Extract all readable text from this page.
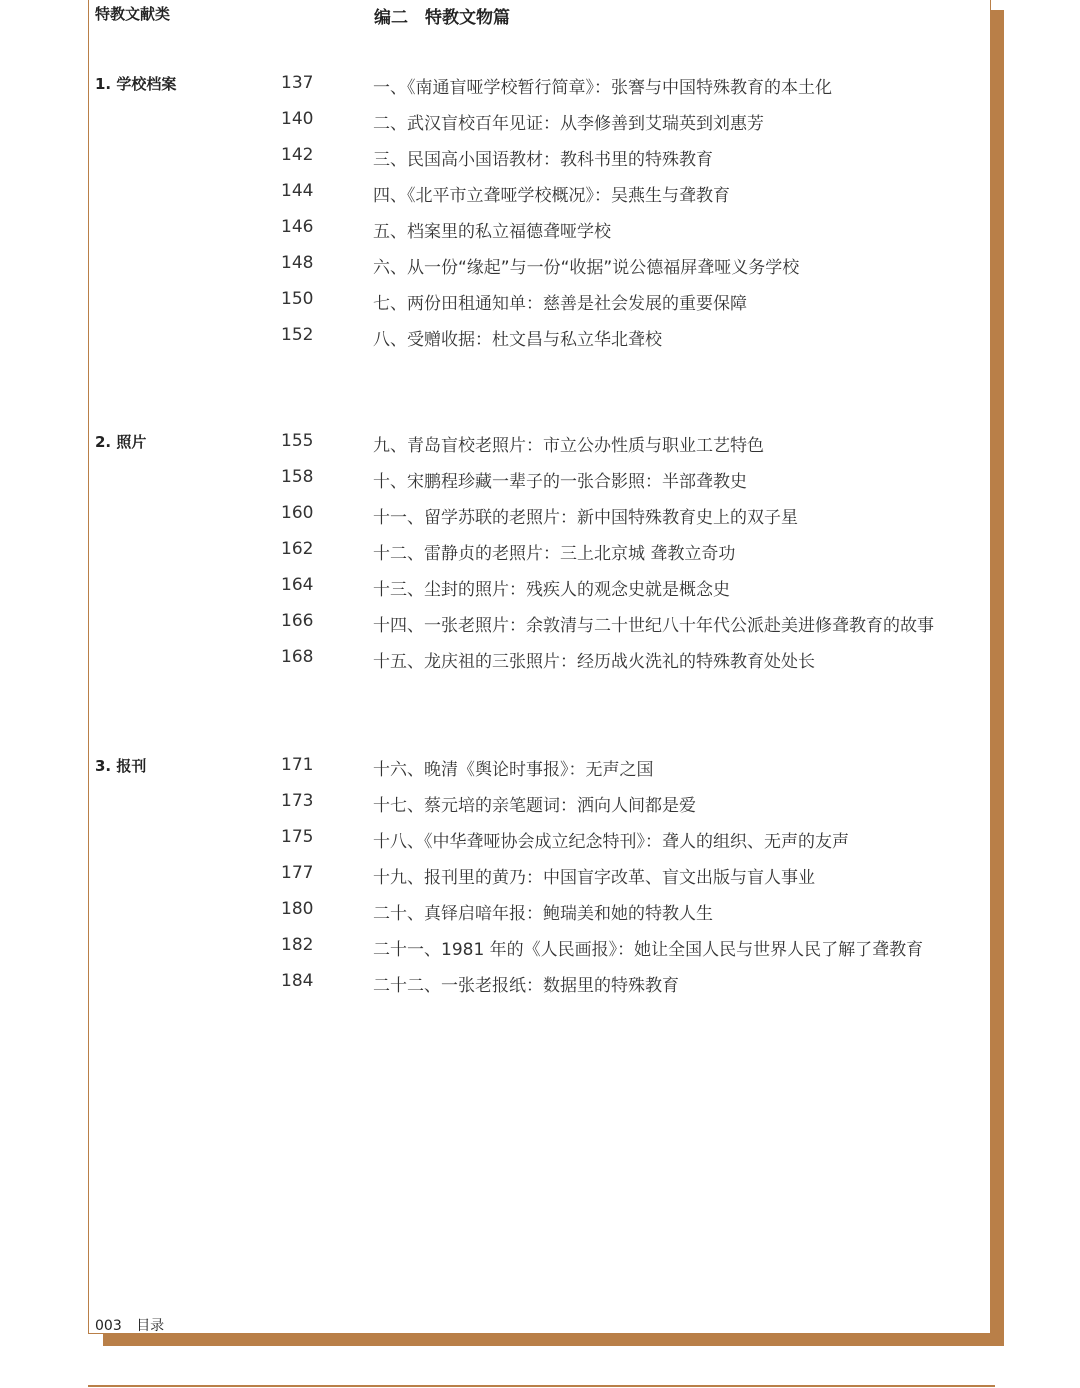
特教文献类	编二　特教文物篇
1. 学校档案	137	一、《南通盲哑学校暂行简章》：张謇与中国特殊教育的本土化
140	二、武汉盲校百年见证：从李修善到艾瑞英到刘惠芳
142	三、民国高小国语教材：教科书里的特殊教育
144	四、《北平市立聋哑学校概况》：吴燕生与聋教育
146	五、档案里的私立福德聋哑学校
148	六、从一份“缘起”与一份“收据”说公德福屏聋哑义务学校
150	七、两份田租通知单：慈善是社会发展的重要保障
152	八、受赠收据：杜文昌与私立华北聋校
2. 照片	155	九、青岛盲校老照片：市立公办性质与职业工艺特色
158	十、宋鹏程珍藏一辈子的一张合影照：半部聋教史
160	十一、留学苏联的老照片：新中国特殊教育史上的双子星
162	十二、雷静贞的老照片：三上北京城 聋教立奇功
164	十三、尘封的照片：残疾人的观念史就是概念史
166	十四、一张老照片：余敦清与二十世纪八十年代公派赴美进修聋教育的故事
168	十五、龙庆祖的三张照片：经历战火洗礼的特殊教育处处长
3. 报刊	171	十六、晚清《舆论时事报》：无声之国
173	十七、蔡元培的亲笔题词：洒向人间都是爱
175	十八、《中华聋哑协会成立纪念特刊》：聋人的组织、无声的友声
177	十九、报刊里的黄乃：中国盲字改革、盲文出版与盲人事业
180	二十、真铎启喑年报：鲍瑞美和她的特教人生
182	二十一、1981 年的《人民画报》：她让全国人民与世界人民了解了聋教育
184	二十二、一张老报纸：数据里的特殊教育
003 目录
